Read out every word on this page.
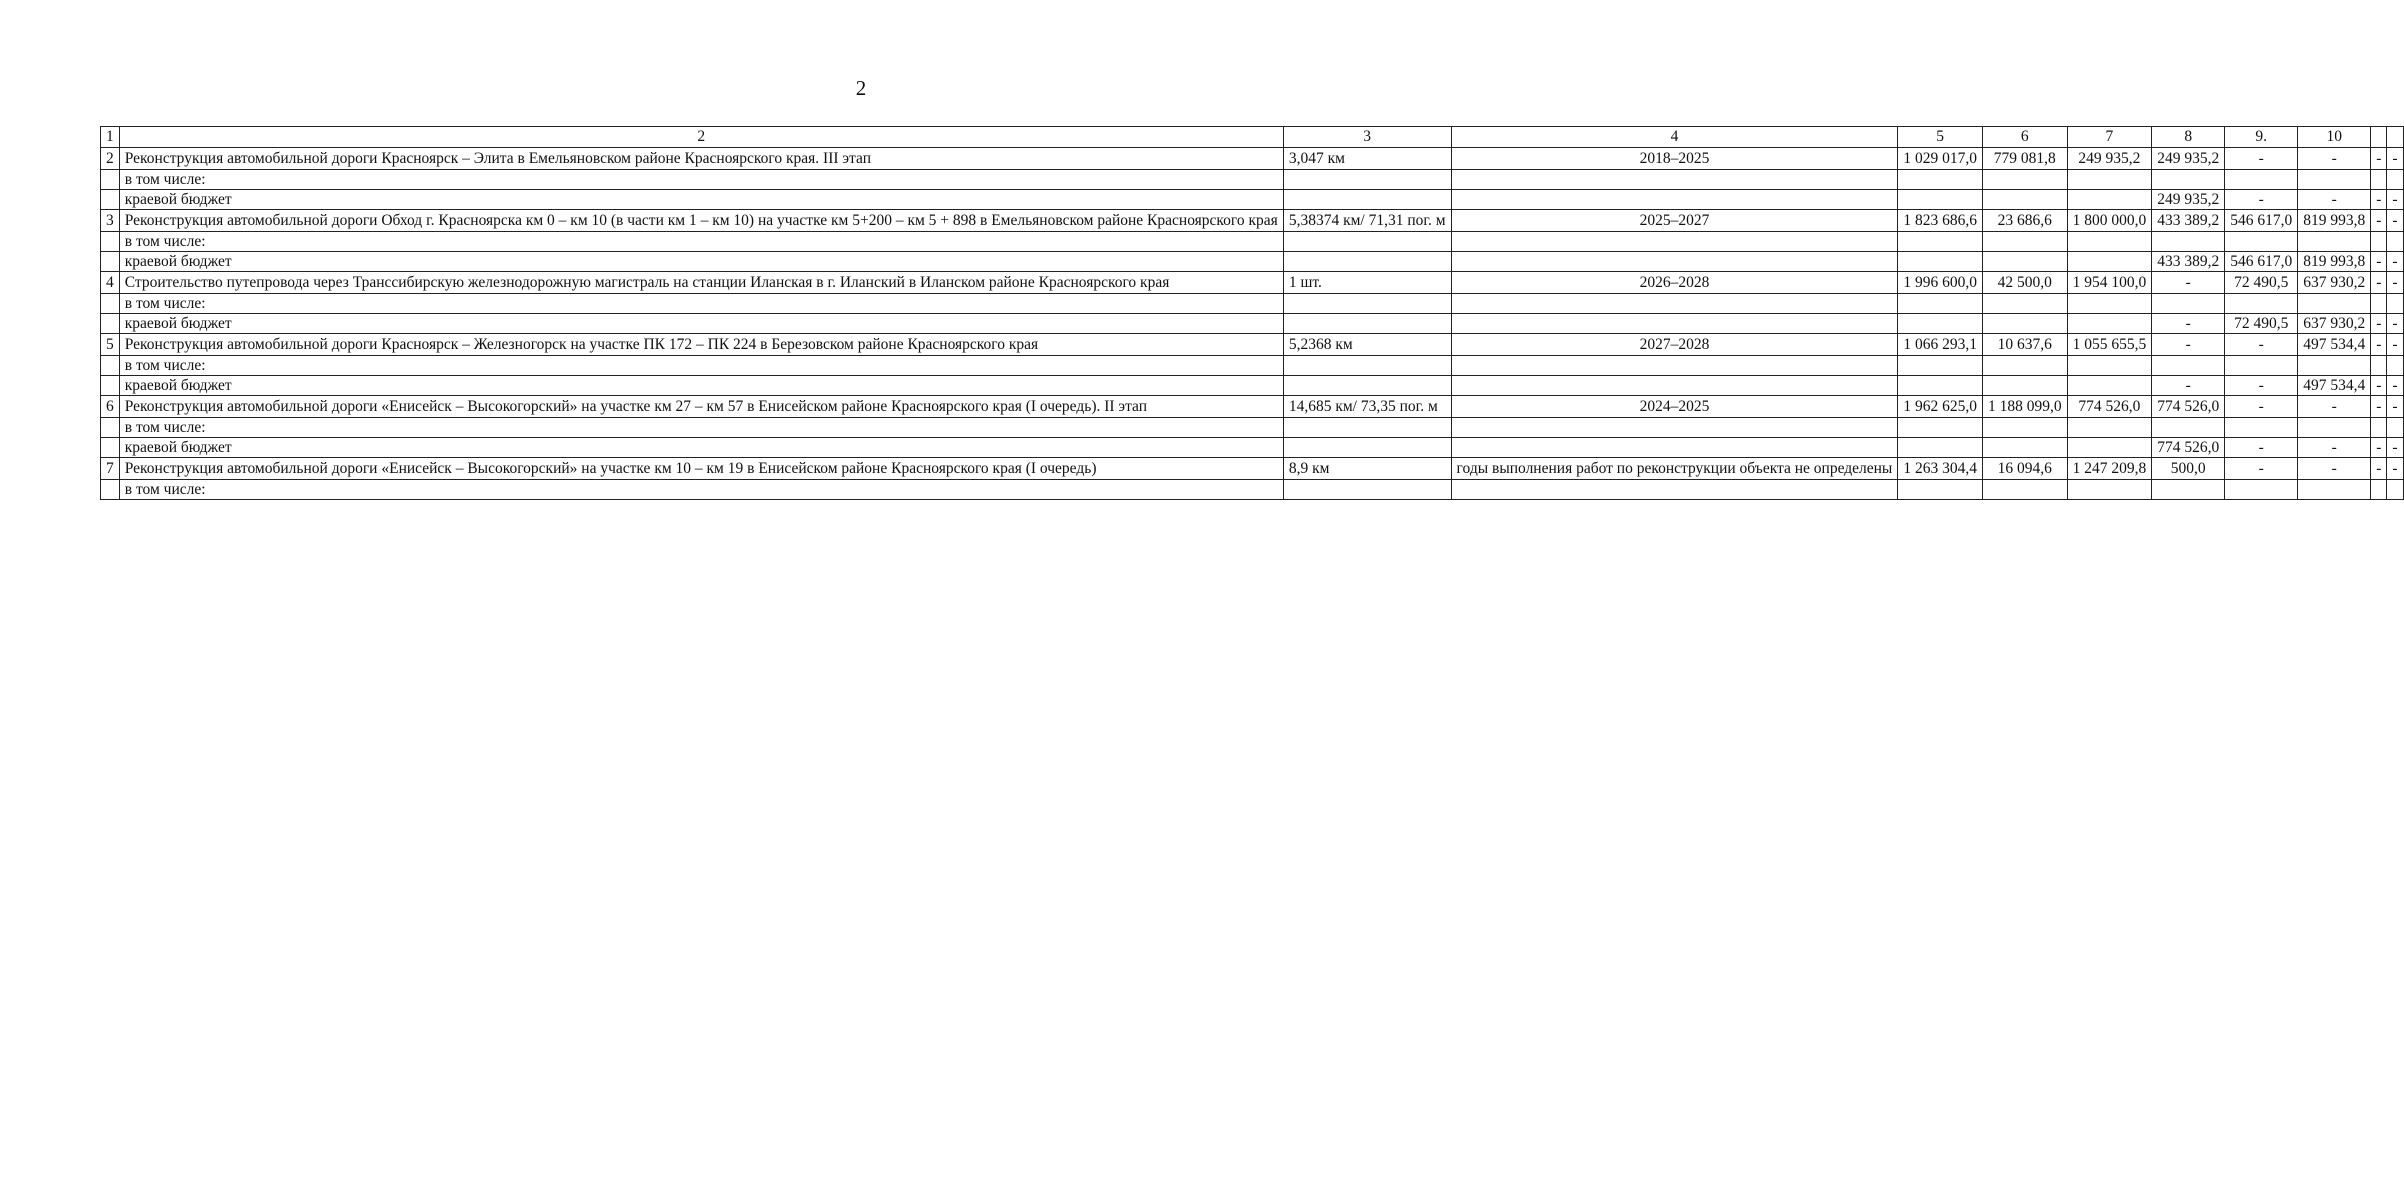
2
1	2	3	4	5	6	7	8	9.	10		
2	Реконструкция автомобильной дороги Красноярск – Элита в Емельяновском районе Красноярского края. III этап	3,047 км	2018–2025	1 029 017,0	779 081,8	249 935,2	249 935,2	-	-	-	-
	в том числе:										
	краевой бюджет						249 935,2	-	-	-	-
3	Реконструкция автомобильной дороги Обход г. Красноярска км 0 – км 10 (в части км 1 – км 10) на участке км 5+200 – км 5 + 898 в Емельяновском районе Красноярского края	5,38374 км/ 71,31 пог. м	2025–2027	1 823 686,6	23 686,6	1 800 000,0	433 389,2	546 617,0	819 993,8	-	-
	в том числе:										
	краевой бюджет						433 389,2	546 617,0	819 993,8	-	-
4	Строительство путепровода через Транссибирскую железнодорожную магистраль на станции Иланская в г. Иланский в Иланском районе Красноярского края	1 шт.	2026–2028	1 996 600,0	42 500,0	1 954 100,0	-	72 490,5	637 930,2	-	-
	в том числе:										
	краевой бюджет						-	72 490,5	637 930,2	-	-
5	Реконструкция автомобильной дороги Красноярск – Железногорск на участке ПК 172 – ПК 224 в Березовском районе Красноярского края	5,2368 км	2027–2028	1 066 293,1	10 637,6	1 055 655,5	-	-	497 534,4	-	-
	в том числе:										
	краевой бюджет						-	-	497 534,4	-	-
6	Реконструкция автомобильной дороги «Енисейск – Высокогорский» на участке км 27 – км 57 в Енисейском районе Красноярского края (I очередь). II этап	14,685 км/ 73,35 пог. м	2024–2025	1 962 625,0	1 188 099,0	774 526,0	774 526,0	-	-	-	-
	в том числе:										
	краевой бюджет						774 526,0	-	-	-	-
7	Реконструкция автомобильной дороги «Енисейск – Высокогорский» на участке км 10 – км 19 в Енисейском районе Красноярского края (I очередь)	8,9 км	годы выполнения работ по реконструкции объекта не определены	1 263 304,4	16 094,6	1 247 209,8	500,0	-	-	-	-
	в том числе:										
